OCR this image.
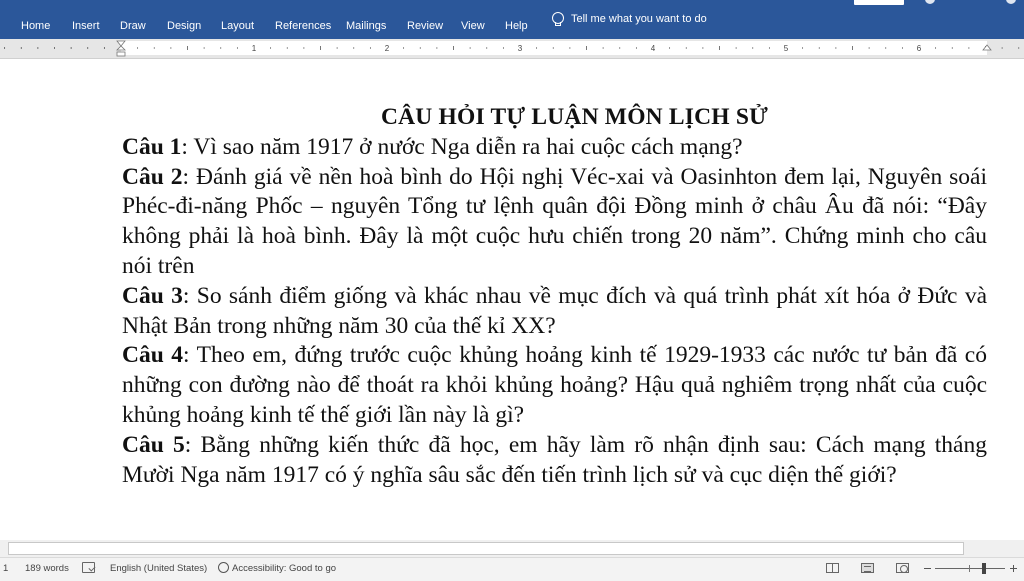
Home Insert Draw Design Layout References Mailings Review View Help
Tell me what you want to do
1	2	3	4	5	6
CÂU HỎI TỰ LUẬN MÔN LỊCH SỬ

Câu 1: Vì sao năm 1917 ở nước Nga diễn ra hai cuộc cách mạng?

Câu 2: Đánh giá về nền hoà bình do Hội nghị Véc-xai và Oasinhton đem lại, Nguyên soái Phéc-đi-năng Phốc – nguyên Tổng tư lệnh quân đội Đồng minh ở châu Âu đã nói: “Đây không phải là hoà bình. Đây là một cuộc hưu chiến trong 20 năm”. Chứng minh cho câu nói trên

Câu 3: So sánh điểm giống và khác nhau về mục đích và quá trình phát xít hóa ở Đức và Nhật Bản trong những năm 30 của thế kỉ XX?

Câu 4: Theo em, đứng trước cuộc khủng hoảng kinh tế 1929-1933 các nước tư bản đã có những con đường nào để thoát ra khỏi khủng hoảng? Hậu quả nghiêm trọng nhất của cuộc khủng hoảng kinh tế thế giới lần này là gì?

Câu 5: Bằng những kiến thức đã học, em hãy làm rõ nhận định sau: Cách mạng tháng Mười Nga năm 1917 có ý nghĩa sâu sắc đến tiến trình lịch sử và cục diện thế giới?

1 189 words	English (United States)	Accessibility: Good to go
